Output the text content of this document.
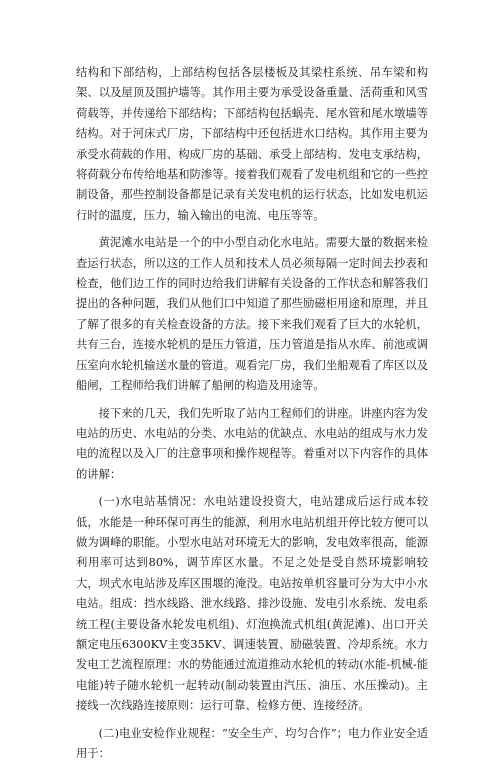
结构和下部结构，上部结构包括各层楼板及其梁柱系统、吊车梁和构架、以及屋顶及围护墙等。其作用主要为承受设备重量、活荷重和风雪荷载等，并传递给下部结构；下部结构包括蜗壳、尾水管和尾水墩墙等结构。对于河床式厂房，下部结构中还包括进水口结构。其作用主要为承受水荷载的作用、构成厂房的基础、承受上部结构、发电支承结构，将荷载分布传给地基和防渗等。接着我们观看了发电机组和它的一些控制设备，那些控制设备都是记录有关发电机的运行状态，比如发电机运行时的温度，压力，输入输出的电流、电压等等。

黄泥滩水电站是一个的中小型自动化水电站。需要大量的数据来检查运行状态，所以这的工作人员和技术人员必须每隔一定时间去抄表和检查，他们边工作的同时边给我们讲解有关设备的工作状态和解答我们提出的各种问题，我们从他们口中知道了那些励磁柜用途和原理，并且了解了很多的有关检查设备的方法。接下来我们观看了巨大的水轮机，共有三台，连接水轮机的是压力管道，压力管道是指从水库、前池或调压室向水轮机输送水量的管道。观看完厂房，我们坐船观看了库区以及船闸，工程师给我们讲解了船闸的构造及用途等。

接下来的几天，我们先听取了站内工程师们的讲座。讲座内容为发电站的历史、水电站的分类、水电站的优缺点、水电站的组成与水力发电的流程以及入厂的注意事项和操作规程等。着重对以下内容作的具体的讲解：

(一)水电站基情况：水电站建设投资大，电站建成后运行成本较低，水能是一种环保可再生的能源，利用水电站机组开停比较方便可以做为调峰的职能。小型水电站对环境无大的影响，发电效率很高，能源利用率可达到80%，调节库区水量。不足之处是受自然环境影响较大，坝式水电站涉及库区围堰的淹没。电站按单机容量可分为大中小水电站。组成：挡水线路、泄水线路、排沙设施、发电引水系统、发电系统工程(主要设备水轮发电机组)、灯泡换流式机组(黄泥滩)、出口开关额定电压6300KV主变35KV、调速装置、励磁装置、冷却系统。水力发电工艺流程原理：水的势能通过流道推动水轮机的转动(水能-机械-能电能)转子随水轮机一起转动(制动装置由汽压、油压、水压操动)。主接线一次线路连接原则：运行可靠、检修方便、连接经济。

(二)电业安检作业规程：“安全生产、均匀合作”；电力作业安全适用于：
